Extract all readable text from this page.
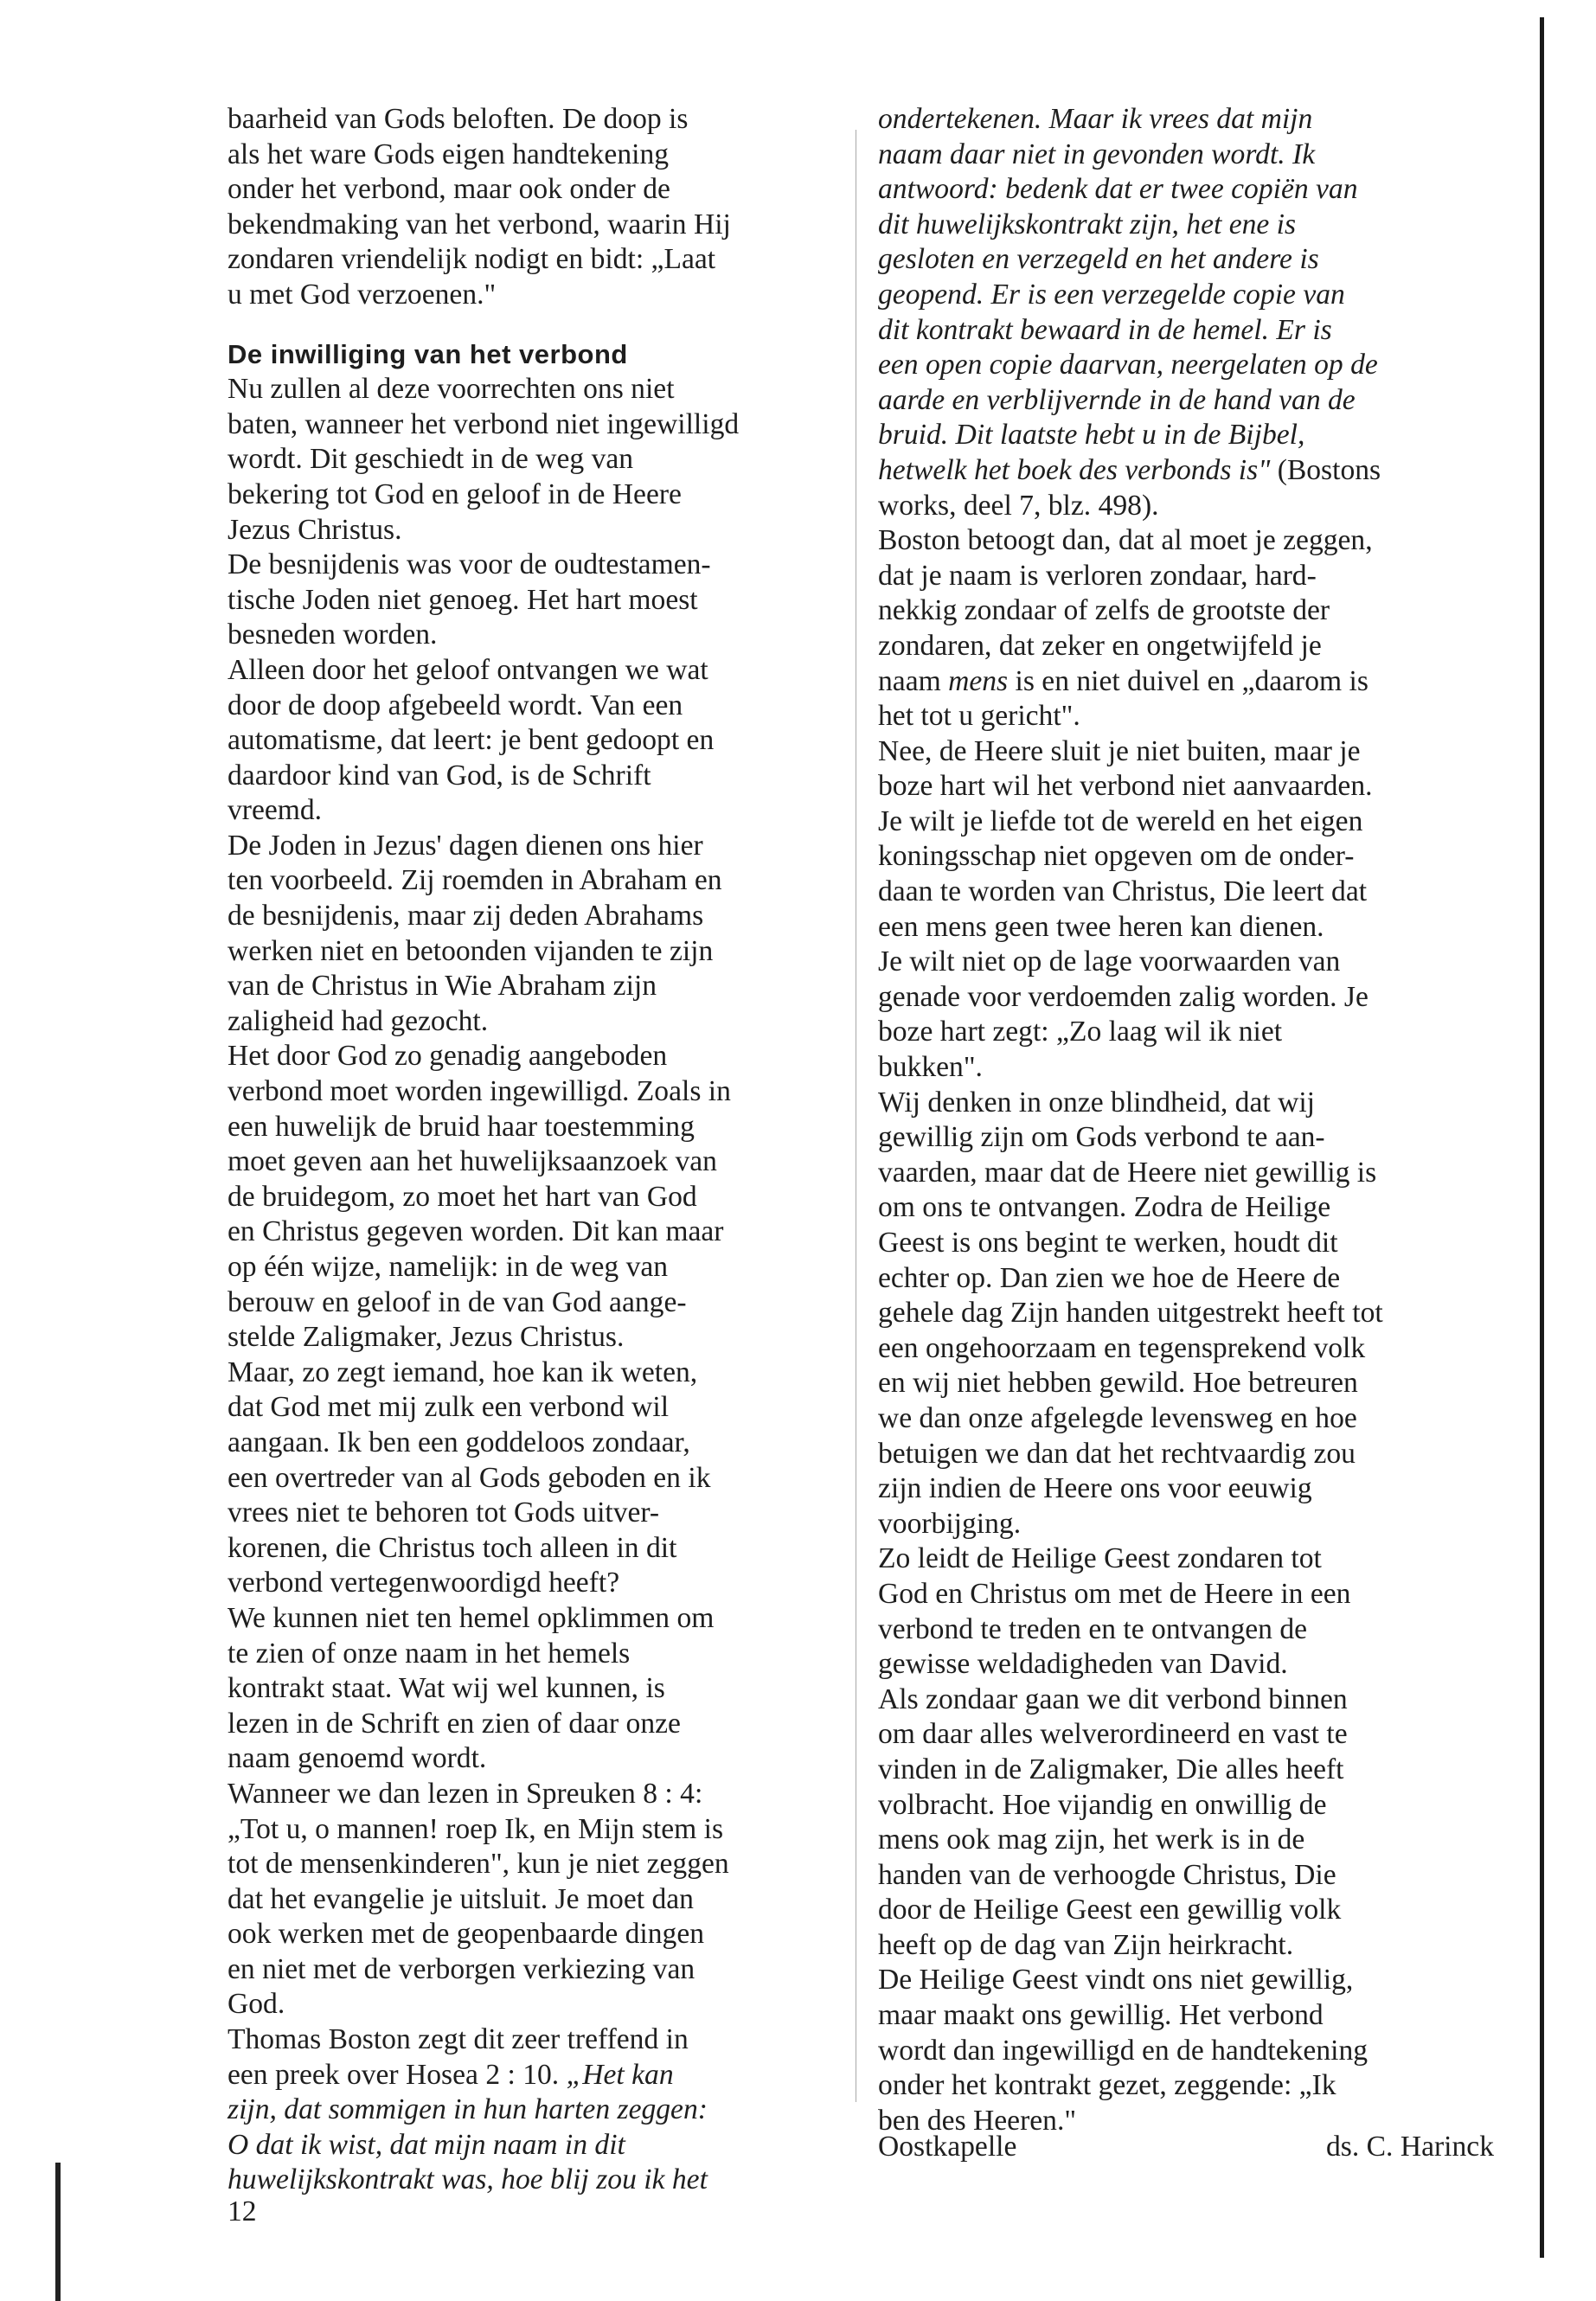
baarheid van Gods beloften. De doop is
als het ware Gods eigen handtekening
onder het verbond, maar ook onder de
bekendmaking van het verbond, waarin Hij
zondaren vriendelijk nodigt en bidt: „Laat
u met God verzoenen."
De inwilliging van het verbond
Nu zullen al deze voorrechten ons niet
baten, wanneer het verbond niet ingewilligd
wordt. Dit geschiedt in de weg van
bekering tot God en geloof in de Heere
Jezus Christus.
De besnijdenis was voor de oudtestamen-
tische Joden niet genoeg. Het hart moest
besneden worden.
Alleen door het geloof ontvangen we wat
door de doop afgebeeld wordt. Van een
automatisme, dat leert: je bent gedoopt en
daardoor kind van God, is de Schrift
vreemd.
De Joden in Jezus' dagen dienen ons hier
ten voorbeeld. Zij roemden in Abraham en
de besnijdenis, maar zij deden Abrahams
werken niet en betoonden vijanden te zijn
van de Christus in Wie Abraham zijn
zaligheid had gezocht.
Het door God zo genadig aangeboden
verbond moet worden ingewilligd. Zoals in
een huwelijk de bruid haar toestemming
moet geven aan het huwelijksaanzoek van
de bruidegom, zo moet het hart van God
en Christus gegeven worden. Dit kan maar
op één wijze, namelijk: in de weg van
berouw en geloof in de van God aange-
stelde Zaligmaker, Jezus Christus.
Maar, zo zegt iemand, hoe kan ik weten,
dat God met mij zulk een verbond wil
aangaan. Ik ben een goddeloos zondaar,
een overtreder van al Gods geboden en ik
vrees niet te behoren tot Gods uitver-
korenen, die Christus toch alleen in dit
verbond vertegenwoordigd heeft?
We kunnen niet ten hemel opklimmen om
te zien of onze naam in het hemels
kontrakt staat. Wat wij wel kunnen, is
lezen in de Schrift en zien of daar onze
naam genoemd wordt.
Wanneer we dan lezen in Spreuken 8 : 4:
„Tot u, o mannen! roep Ik, en Mijn stem is
tot de mensenkinderen", kun je niet zeggen
dat het evangelie je uitsluit. Je moet dan
ook werken met de geopenbaarde dingen
en niet met de verborgen verkiezing van
God.
Thomas Boston zegt dit zeer treffend in
een preek over Hosea 2 : 10. „Het kan
zijn, dat sommigen in hun harten zeggen:
O dat ik wist, dat mijn naam in dit
huwelijkskontrakt was, hoe blij zou ik het
ondertekenen. Maar ik vrees dat mijn
naam daar niet in gevonden wordt. Ik
antwoord: bedenk dat er twee copiën van
dit huwelijkskontrakt zijn, het ene is
gesloten en verzegeld en het andere is
geopend. Er is een verzegelde copie van
dit kontrakt bewaard in de hemel. Er is
een open copie daarvan, neergelaten op de
aarde en verblijvernde in de hand van de
bruid. Dit laatste hebt u in de Bijbel,
hetwelk het boek des verbonds is" (Bostons
works, deel 7, blz. 498).
Boston betoogt dan, dat al moet je zeggen,
dat je naam is verloren zondaar, hard-
nekkig zondaar of zelfs de grootste der
zondaren, dat zeker en ongetwijfeld je
naam mens is en niet duivel en „daarom is
het tot u gericht".
Nee, de Heere sluit je niet buiten, maar je
boze hart wil het verbond niet aanvaarden.
Je wilt je liefde tot de wereld en het eigen
koningsschap niet opgeven om de onder-
daan te worden van Christus, Die leert dat
een mens geen twee heren kan dienen.
Je wilt niet op de lage voorwaarden van
genade voor verdoemden zalig worden. Je
boze hart zegt: „Zo laag wil ik niet
bukken".
Wij denken in onze blindheid, dat wij
gewillig zijn om Gods verbond te aan-
vaarden, maar dat de Heere niet gewillig is
om ons te ontvangen. Zodra de Heilige
Geest is ons begint te werken, houdt dit
echter op. Dan zien we hoe de Heere de
gehele dag Zijn handen uitgestrekt heeft tot
een ongehoorzaam en tegensprekend volk
en wij niet hebben gewild. Hoe betreuren
we dan onze afgelegde levensweg en hoe
betuigen we dan dat het rechtvaardig zou
zijn indien de Heere ons voor eeuwig
voorbijging.
Zo leidt de Heilige Geest zondaren tot
God en Christus om met de Heere in een
verbond te treden en te ontvangen de
gewisse weldadigheden van David.
Als zondaar gaan we dit verbond binnen
om daar alles welverordineerd en vast te
vinden in de Zaligmaker, Die alles heeft
volbracht. Hoe vijandig en onwillig de
mens ook mag zijn, het werk is in de
handen van de verhoogde Christus, Die
door de Heilige Geest een gewillig volk
heeft op de dag van Zijn heirkracht.
De Heilige Geest vindt ons niet gewillig,
maar maakt ons gewillig. Het verbond
wordt dan ingewilligd en de handtekening
onder het kontrakt gezet, zeggende: „Ik
ben des Heeren."
Oostkapelle	ds. C. Harinck
12
